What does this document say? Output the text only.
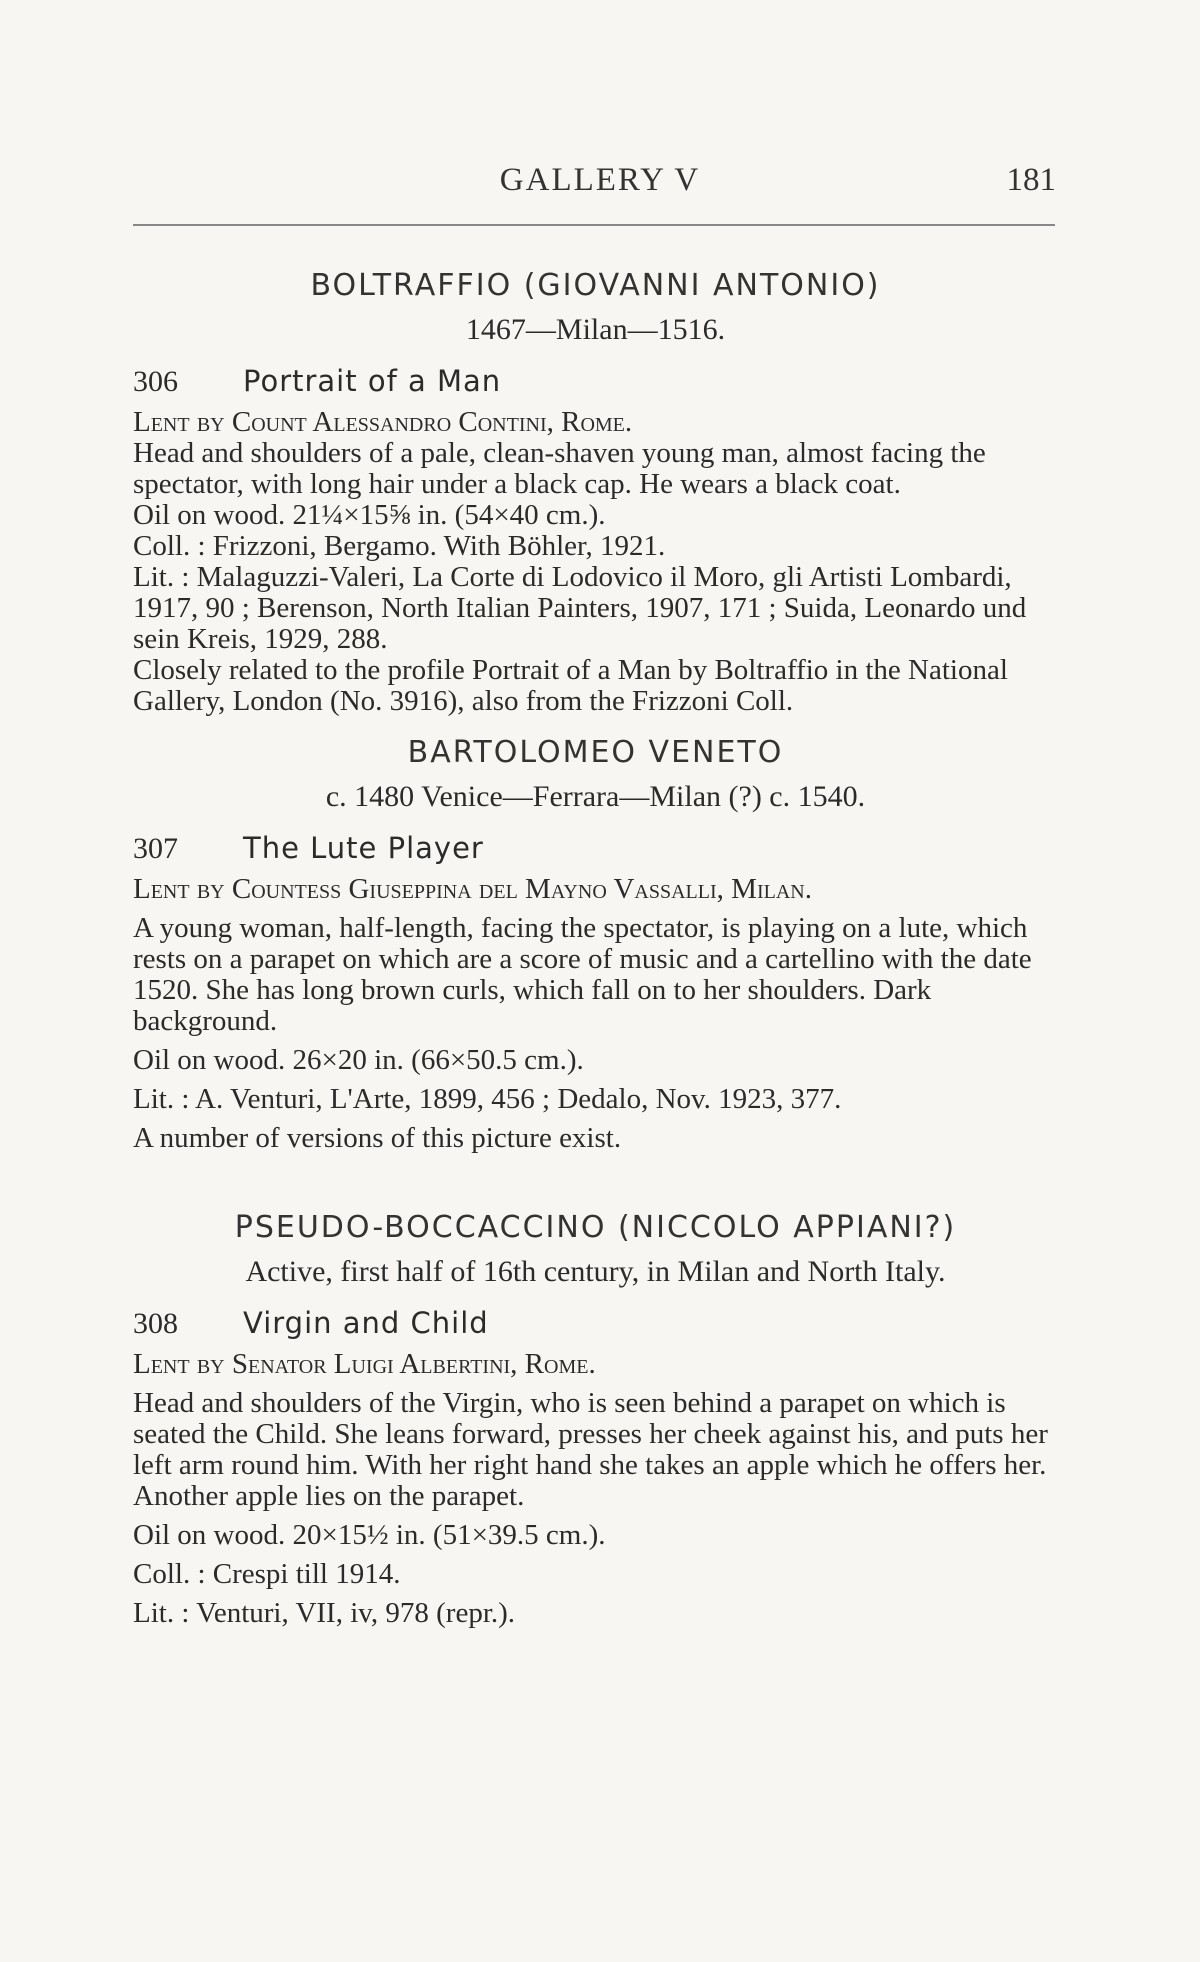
GALLERY V	181
BOLTRAFFIO (GIOVANNI ANTONIO)
1467—Milan—1516.
306 Portrait of a Man

Lent by Count Alessandro Contini, Rome.

Head and shoulders of a pale, clean-shaven young man, almost facing the spectator, with long hair under a black cap. He wears a black coat.

Oil on wood. 21¼×15⅝ in. (54×40 cm.).

Coll. : Frizzoni, Bergamo. With Böhler, 1921.

Lit. : Malaguzzi-Valeri, La Corte di Lodovico il Moro, gli Artisti Lombardi, 1917, 90 ; Berenson, North Italian Painters, 1907, 171 ; Suida, Leonardo und sein Kreis, 1929, 288.

Closely related to the profile Portrait of a Man by Boltraffio in the National Gallery, London (No. 3916), also from the Frizzoni Coll.

BARTOLOMEO VENETO
c. 1480 Venice—Ferrara—Milan (?) c. 1540.
307 The Lute Player

Lent by Countess Giuseppina del Mayno Vassalli, Milan.

A young woman, half-length, facing the spectator, is playing on a lute, which rests on a parapet on which are a score of music and a cartellino with the date 1520. She has long brown curls, which fall on to her shoulders. Dark background.

Oil on wood. 26×20 in. (66×50.5 cm.).

Lit. : A. Venturi, L'Arte, 1899, 456 ; Dedalo, Nov. 1923, 377.

A number of versions of this picture exist.

PSEUDO-BOCCACCINO (NICCOLO APPIANI?)
Active, first half of 16th century, in Milan and North Italy.
308 Virgin and Child

Lent by Senator Luigi Albertini, Rome.

Head and shoulders of the Virgin, who is seen behind a parapet on which is seated the Child. She leans forward, presses her cheek against his, and puts her left arm round him. With her right hand she takes an apple which he offers her. Another apple lies on the parapet.

Oil on wood. 20×15½ in. (51×39.5 cm.).

Coll. : Crespi till 1914.

Lit. : Venturi, VII, iv, 978 (repr.).
